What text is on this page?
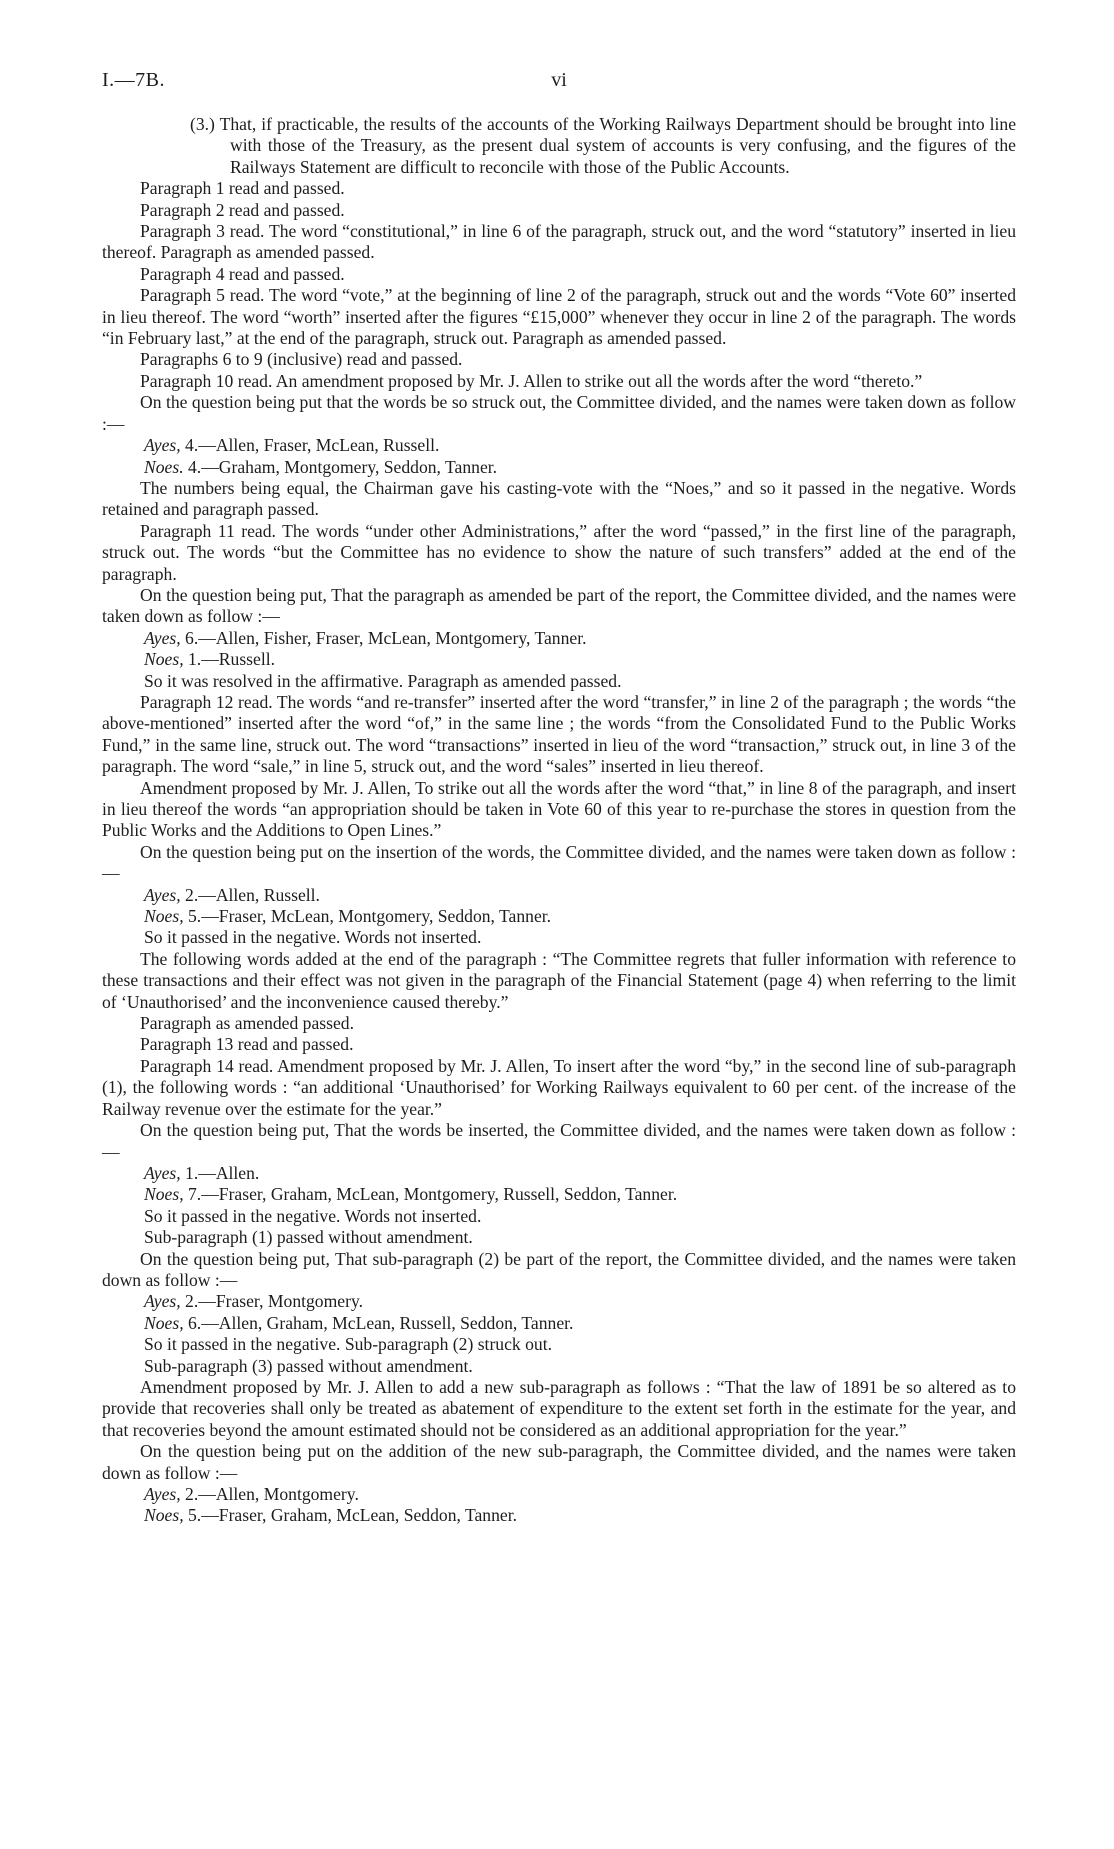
I.—7B.	vi

(3.) That, if practicable, the results of the accounts of the Working Railways Department should be brought into line with those of the Treasury, as the present dual system of accounts is very confusing, and the figures of the Railways Statement are difficult to reconcile with those of the Public Accounts.

Paragraph 1 read and passed.

Paragraph 2 read and passed.

Paragraph 3 read. The word “constitutional,” in line 6 of the paragraph, struck out, and the word “statutory” inserted in lieu thereof. Paragraph as amended passed.

Paragraph 4 read and passed.

Paragraph 5 read. The word “vote,” at the beginning of line 2 of the paragraph, struck out and the words “Vote 60” inserted in lieu thereof. The word “worth” inserted after the figures “£15,000” whenever they occur in line 2 of the paragraph. The words “in February last,” at the end of the paragraph, struck out. Paragraph as amended passed.

Paragraphs 6 to 9 (inclusive) read and passed.

Paragraph 10 read. An amendment proposed by Mr. J. Allen to strike out all the words after the word “thereto.”

On the question being put that the words be so struck out, the Committee divided, and the names were taken down as follow :—

Ayes, 4.—Allen, Fraser, McLean, Russell.

Noes. 4.—Graham, Montgomery, Seddon, Tanner.

The numbers being equal, the Chairman gave his casting-vote with the “Noes,” and so it passed in the negative. Words retained and paragraph passed.

Paragraph 11 read. The words “under other Administrations,” after the word “passed,” in the first line of the paragraph, struck out. The words “but the Committee has no evidence to show the nature of such transfers” added at the end of the paragraph.

On the question being put, That the paragraph as amended be part of the report, the Committee divided, and the names were taken down as follow :—

Ayes, 6.—Allen, Fisher, Fraser, McLean, Montgomery, Tanner.

Noes, 1.—Russell.

So it was resolved in the affirmative. Paragraph as amended passed.

Paragraph 12 read. The words “and re-transfer” inserted after the word “transfer,” in line 2 of the paragraph ; the words “the above-mentioned” inserted after the word “of,” in the same line ; the words “from the Consolidated Fund to the Public Works Fund,” in the same line, struck out. The word “transactions” inserted in lieu of the word “transaction,” struck out, in line 3 of the paragraph. The word “sale,” in line 5, struck out, and the word “sales” inserted in lieu thereof.

Amendment proposed by Mr. J. Allen, To strike out all the words after the word “that,” in line 8 of the paragraph, and insert in lieu thereof the words “an appropriation should be taken in Vote 60 of this year to re-purchase the stores in question from the Public Works and the Additions to Open Lines.”

On the question being put on the insertion of the words, the Committee divided, and the names were taken down as follow :—

Ayes, 2.—Allen, Russell.

Noes, 5.—Fraser, McLean, Montgomery, Seddon, Tanner.

So it passed in the negative. Words not inserted.

The following words added at the end of the paragraph : “The Committee regrets that fuller information with reference to these transactions and their effect was not given in the paragraph of the Financial Statement (page 4) when referring to the limit of ‘Unauthorised’ and the inconvenience caused thereby.”

Paragraph as amended passed.

Paragraph 13 read and passed.

Paragraph 14 read. Amendment proposed by Mr. J. Allen, To insert after the word “by,” in the second line of sub-paragraph (1), the following words : “an additional ‘Unauthorised’ for Working Railways equivalent to 60 per cent. of the increase of the Railway revenue over the estimate for the year.”

On the question being put, That the words be inserted, the Committee divided, and the names were taken down as follow :—

Ayes, 1.—Allen.

Noes, 7.—Fraser, Graham, McLean, Montgomery, Russell, Seddon, Tanner.

So it passed in the negative. Words not inserted.

Sub-paragraph (1) passed without amendment.

On the question being put, That sub-paragraph (2) be part of the report, the Committee divided, and the names were taken down as follow :—

Ayes, 2.—Fraser, Montgomery.

Noes, 6.—Allen, Graham, McLean, Russell, Seddon, Tanner.

So it passed in the negative. Sub-paragraph (2) struck out.

Sub-paragraph (3) passed without amendment.

Amendment proposed by Mr. J. Allen to add a new sub-paragraph as follows : “That the law of 1891 be so altered as to provide that recoveries shall only be treated as abatement of expenditure to the extent set forth in the estimate for the year, and that recoveries beyond the amount estimated should not be considered as an additional appropriation for the year.”

On the question being put on the addition of the new sub-paragraph, the Committee divided, and the names were taken down as follow :—

Ayes, 2.—Allen, Montgomery.

Noes, 5.—Fraser, Graham, McLean, Seddon, Tanner.
